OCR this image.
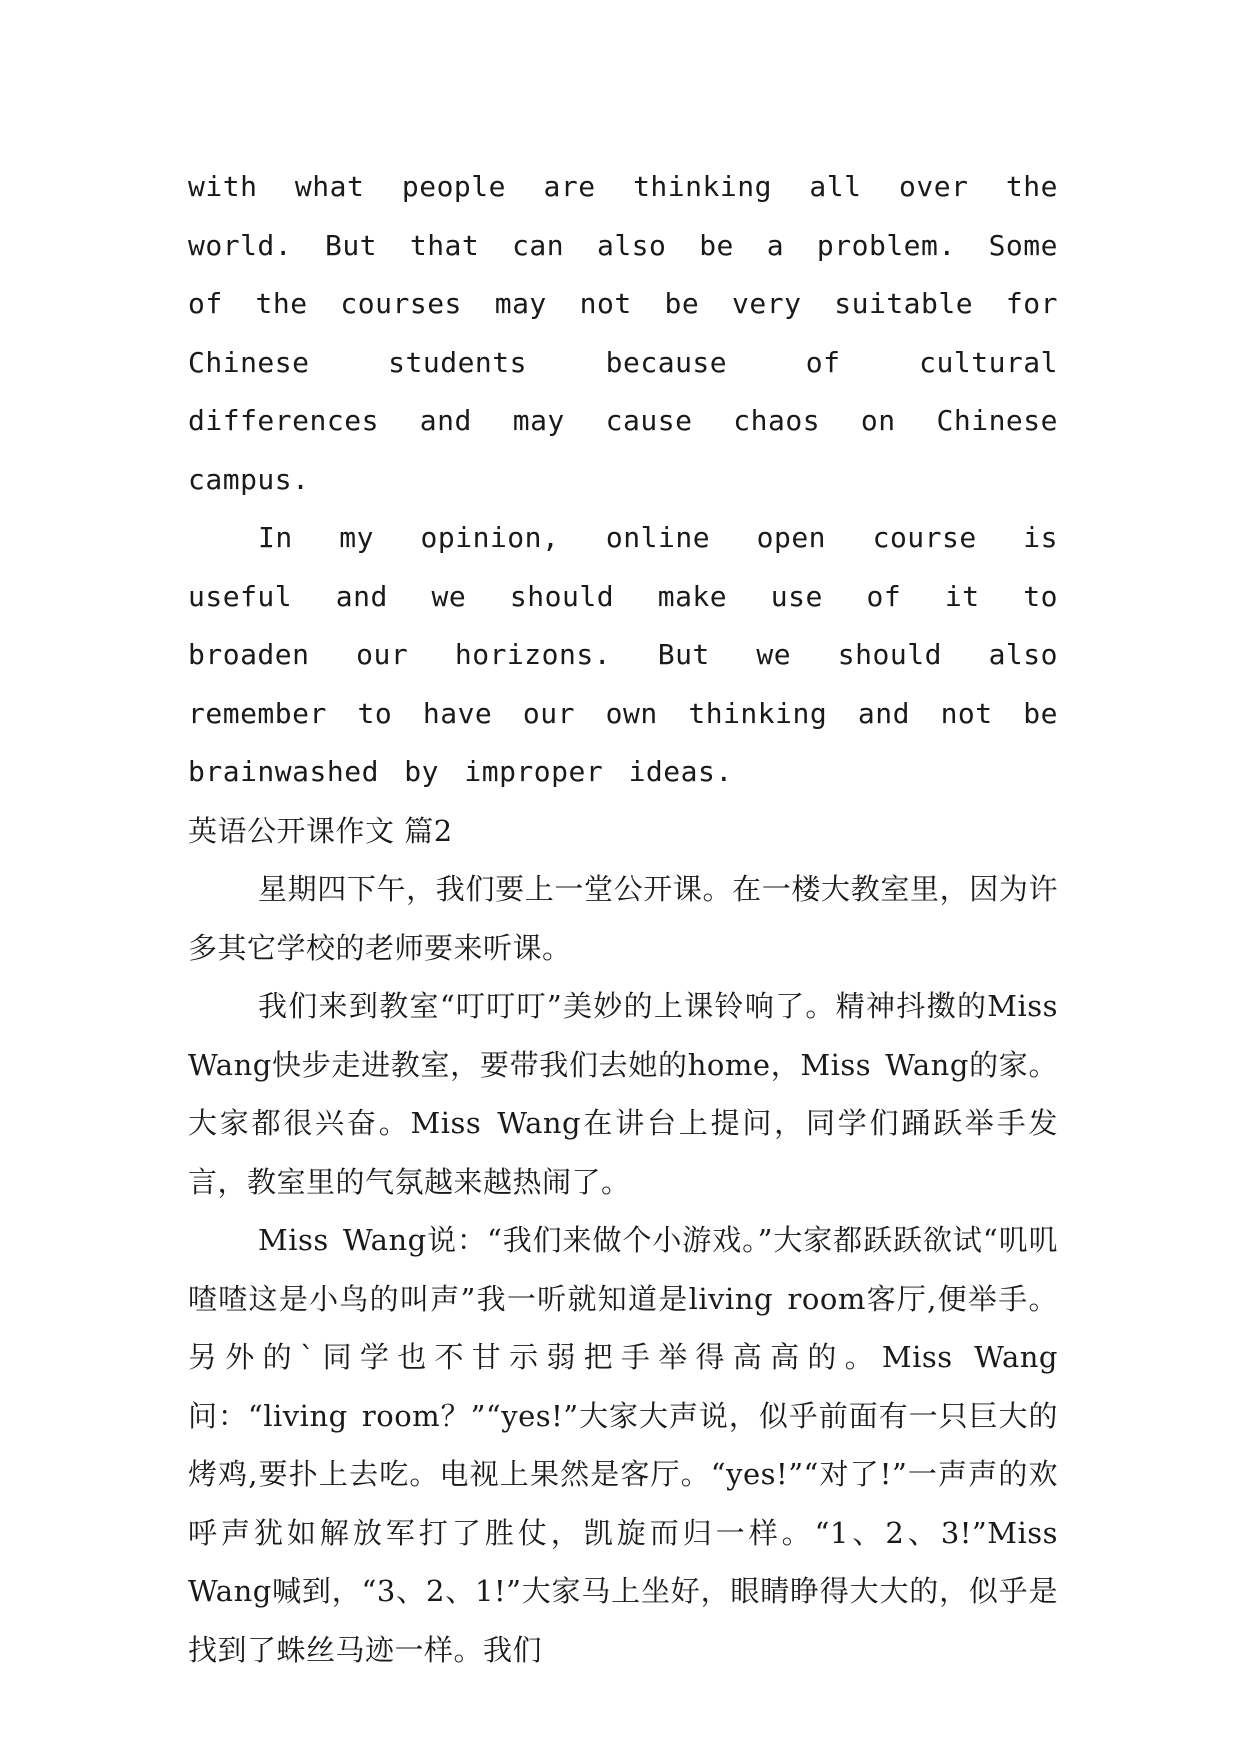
with what people are thinking all over the world. But that can also be a problem. Some of the courses may not be very suitable for Chinese students because of cultural differences and may cause chaos on Chinese campus.

In my opinion, online open course is useful and we should make use of it to broaden our horizons. But we should also remember to have our own thinking and not be brainwashed by improper ideas.

英语公开课作文 篇2

星期四下午，我们要上一堂公开课。在一楼大教室里，因为许多其它学校的老师要来听课。

我们来到教室“叮叮叮”美妙的上课铃响了。精神抖擞的Miss Wang快步走进教室，要带我们去她的home，Miss Wang的家。大家都很兴奋。Miss Wang在讲台上提问，同学们踊跃举手发言，教室里的气氛越来越热闹了。

Miss Wang说：“我们来做个小游戏。”大家都跃跃欲试“叽叽喳喳这是小鸟的叫声”我一听就知道是living room客厅,便举手。另外的`同学也不甘示弱把手举得高高的。Miss Wang问：“living room？”“yes!”大家大声说，似乎前面有一只巨大的烤鸡,要扑上去吃。电视上果然是客厅。“yes!”“对了!”一声声的欢呼声犹如解放军打了胜仗，凯旋而归一样。“1、2、3!”Miss Wang喊到，“3、2、1!”大家马上坐好，眼睛睁得大大的，似乎是找到了蛛丝马迹一样。我们
